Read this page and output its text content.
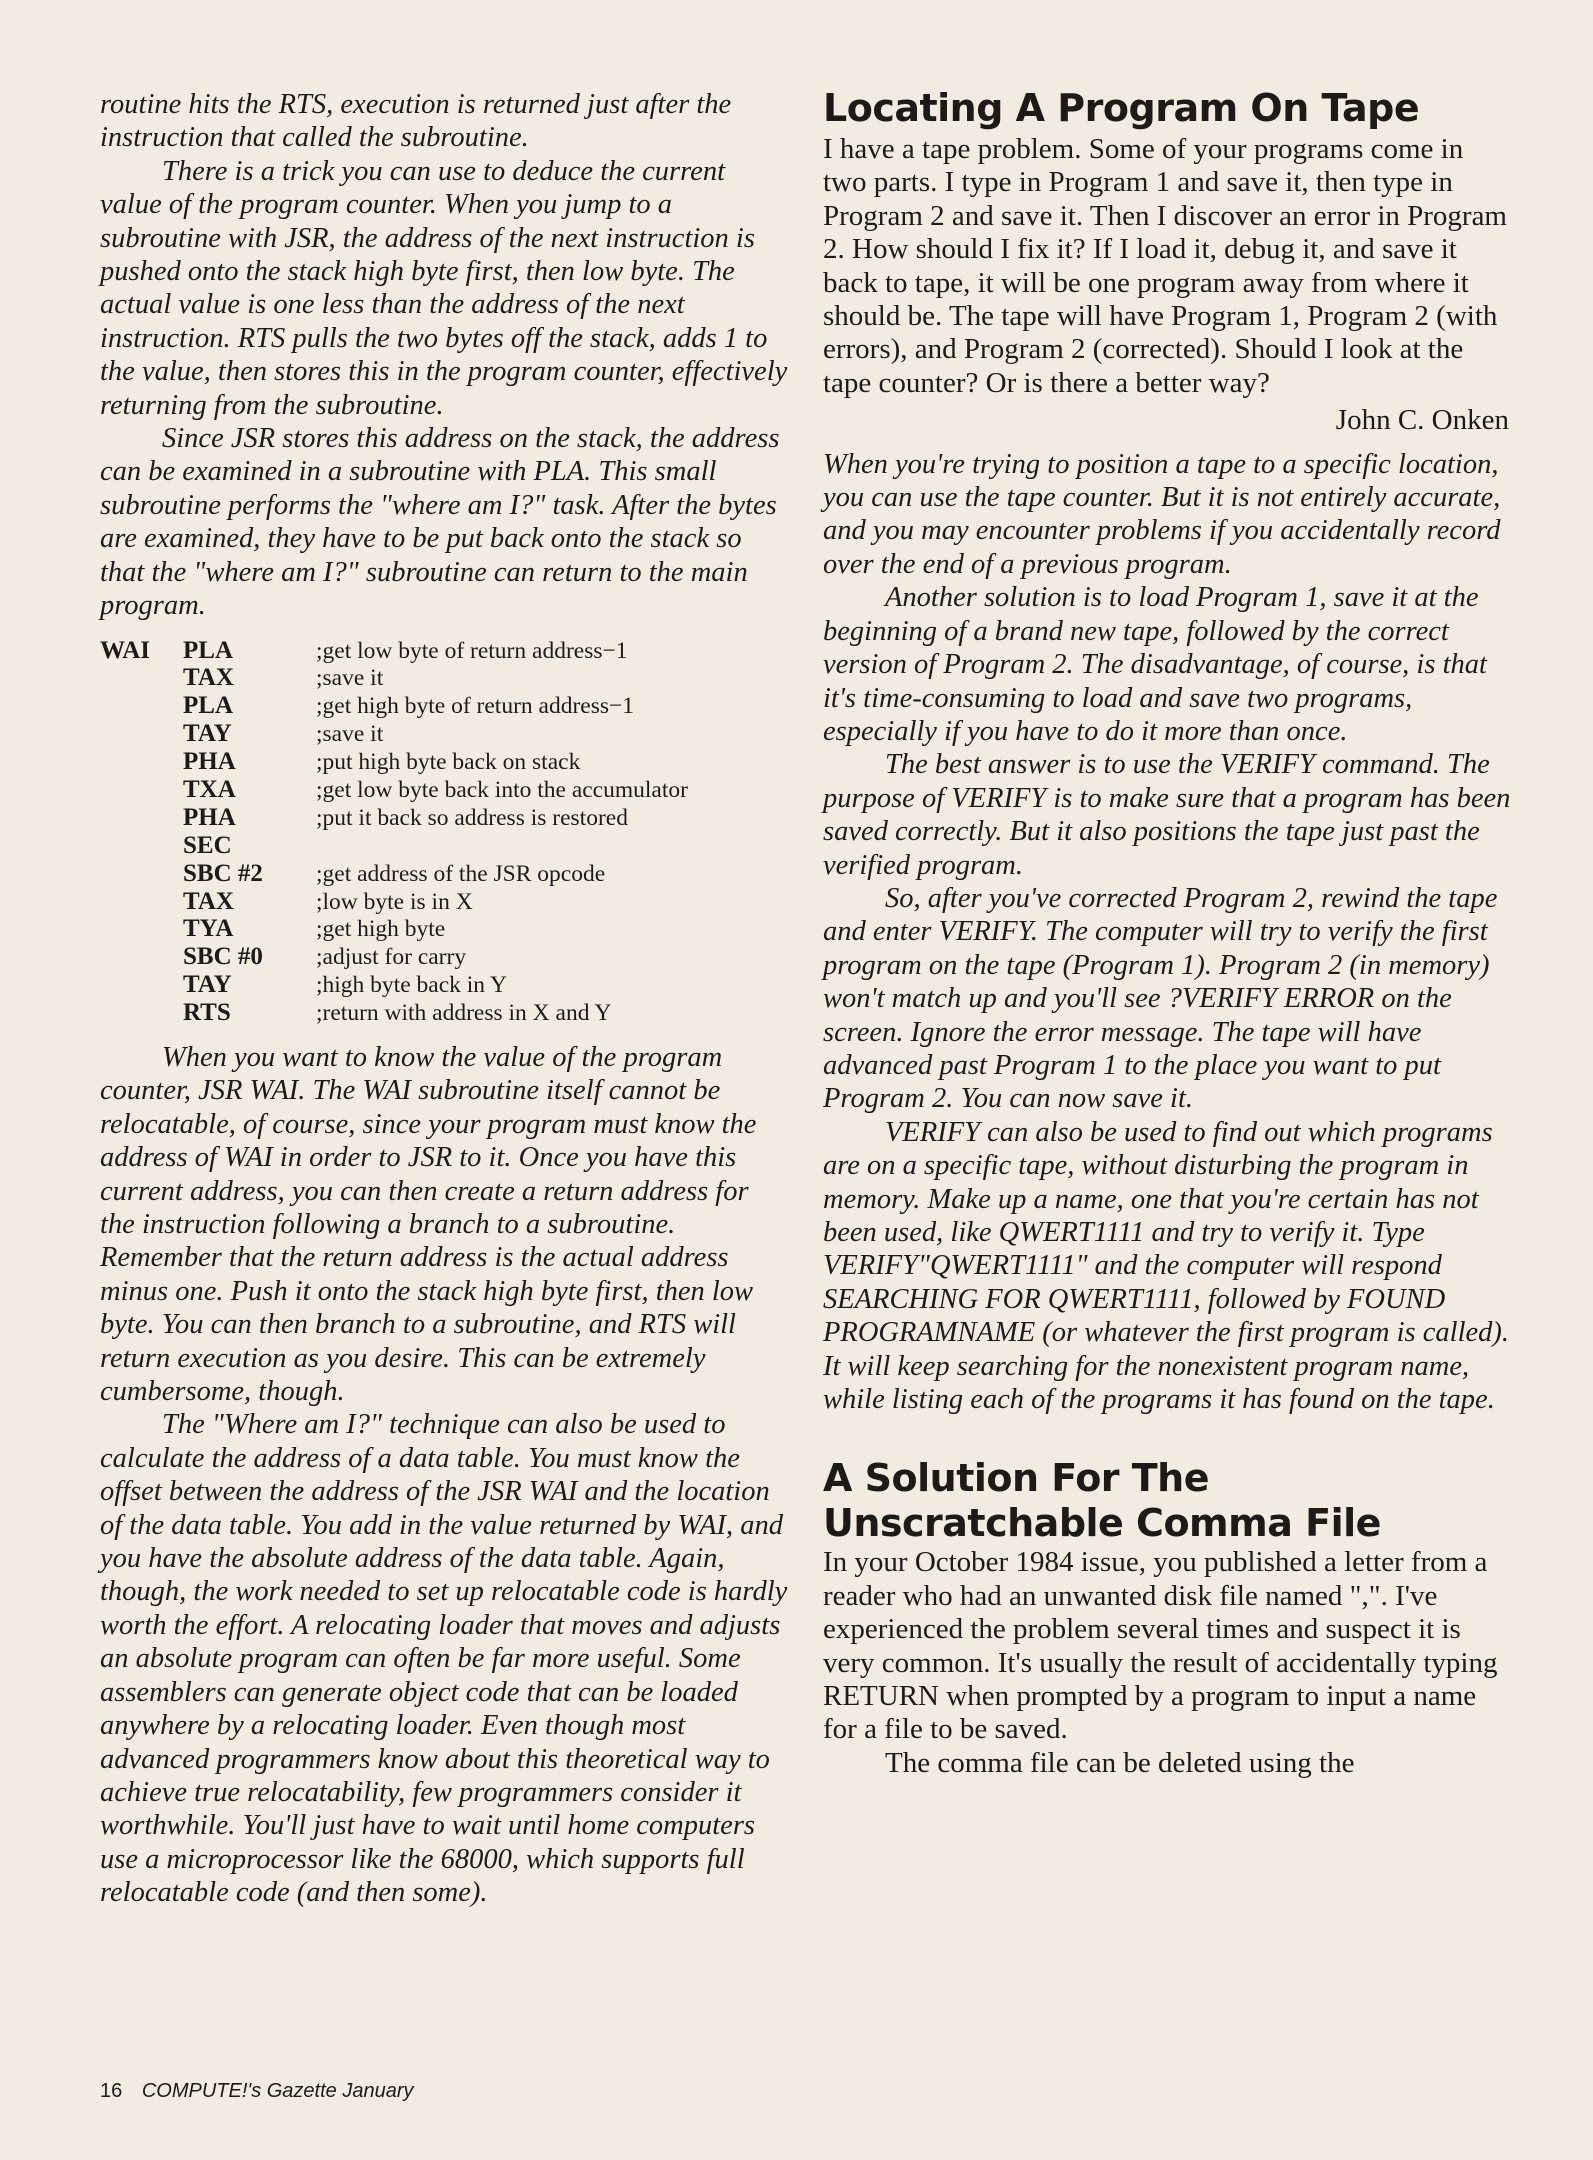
routine hits the RTS, execution is returned just after the instruction that called the subroutine.

There is a trick you can use to deduce the current value of the program counter. When you jump to a subroutine with JSR, the address of the next instruction is pushed onto the stack high byte first, then low byte. The actual value is one less than the address of the next instruction. RTS pulls the two bytes off the stack, adds 1 to the value, then stores this in the program counter, effectively returning from the subroutine.

Since JSR stores this address on the stack, the address can be examined in a subroutine with PLA. This small subroutine performs the "where am I?" task. After the bytes are examined, they have to be put back onto the stack so that the "where am I?" subroutine can return to the main program.

WAI	PLA	;get low byte of return address−1
TAX	;save it
PLA	;get high byte of return address−1
TAY	;save it
PHA	;put high byte back on stack
TXA	;get low byte back into the accumulator
PHA	;put it back so address is restored
SEC
SBC #2	;get address of the JSR opcode
TAX	;low byte is in X
TYA	;get high byte
SBC #0	;adjust for carry
TAY	;high byte back in Y
RTS	;return with address in X and Y

When you want to know the value of the program counter, JSR WAI. The WAI subroutine itself cannot be relocatable, of course, since your program must know the address of WAI in order to JSR to it. Once you have this current address, you can then create a return address for the instruction following a branch to a subroutine. Remember that the return address is the actual address minus one. Push it onto the stack high byte first, then low byte. You can then branch to a subroutine, and RTS will return execution as you desire. This can be extremely cumbersome, though.

The "Where am I?" technique can also be used to calculate the address of a data table. You must know the offset between the address of the JSR WAI and the location of the data table. You add in the value returned by WAI, and you have the absolute address of the data table. Again, though, the work needed to set up relocatable code is hardly worth the effort. A relocating loader that moves and adjusts an absolute program can often be far more useful. Some assemblers can generate object code that can be loaded anywhere by a relocating loader. Even though most advanced programmers know about this theoretical way to achieve true relocatability, few programmers consider it worthwhile. You'll just have to wait until home computers use a microprocessor like the 68000, which supports full relocatable code (and then some).

Locating A Program On Tape

I have a tape problem. Some of your programs come in two parts. I type in Program 1 and save it, then type in Program 2 and save it. Then I discover an error in Program 2. How should I fix it? If I load it, debug it, and save it back to tape, it will be one program away from where it should be. The tape will have Program 1, Program 2 (with errors), and Program 2 (corrected). Should I look at the tape counter? Or is there a better way?

John C. Onken

When you're trying to position a tape to a specific location, you can use the tape counter. But it is not entirely accurate, and you may encounter problems if you accidentally record over the end of a previous program.

Another solution is to load Program 1, save it at the beginning of a brand new tape, followed by the correct version of Program 2. The disadvantage, of course, is that it's time-consuming to load and save two programs, especially if you have to do it more than once.

The best answer is to use the VERIFY command. The purpose of VERIFY is to make sure that a program has been saved correctly. But it also positions the tape just past the verified program.

So, after you've corrected Program 2, rewind the tape and enter VERIFY. The computer will try to verify the first program on the tape (Program 1). Program 2 (in memory) won't match up and you'll see ?VERIFY ERROR on the screen. Ignore the error message. The tape will have advanced past Program 1 to the place you want to put Program 2. You can now save it.

VERIFY can also be used to find out which programs are on a specific tape, without disturbing the program in memory. Make up a name, one that you're certain has not been used, like QWERT1111 and try to verify it. Type VERIFY"QWERT1111" and the computer will respond SEARCHING FOR QWERT1111, followed by FOUND PROGRAMNAME (or whatever the first program is called). It will keep searching for the nonexistent program name, while listing each of the programs it has found on the tape.

A Solution For The
Unscratchable Comma File

In your October 1984 issue, you published a letter from a reader who had an unwanted disk file named ",". I've experienced the problem several times and suspect it is very common. It's usually the result of accidentally typing RETURN when prompted by a program to input a name for a file to be saved.

The comma file can be deleted using the

16 COMPUTE!'s Gazette January
